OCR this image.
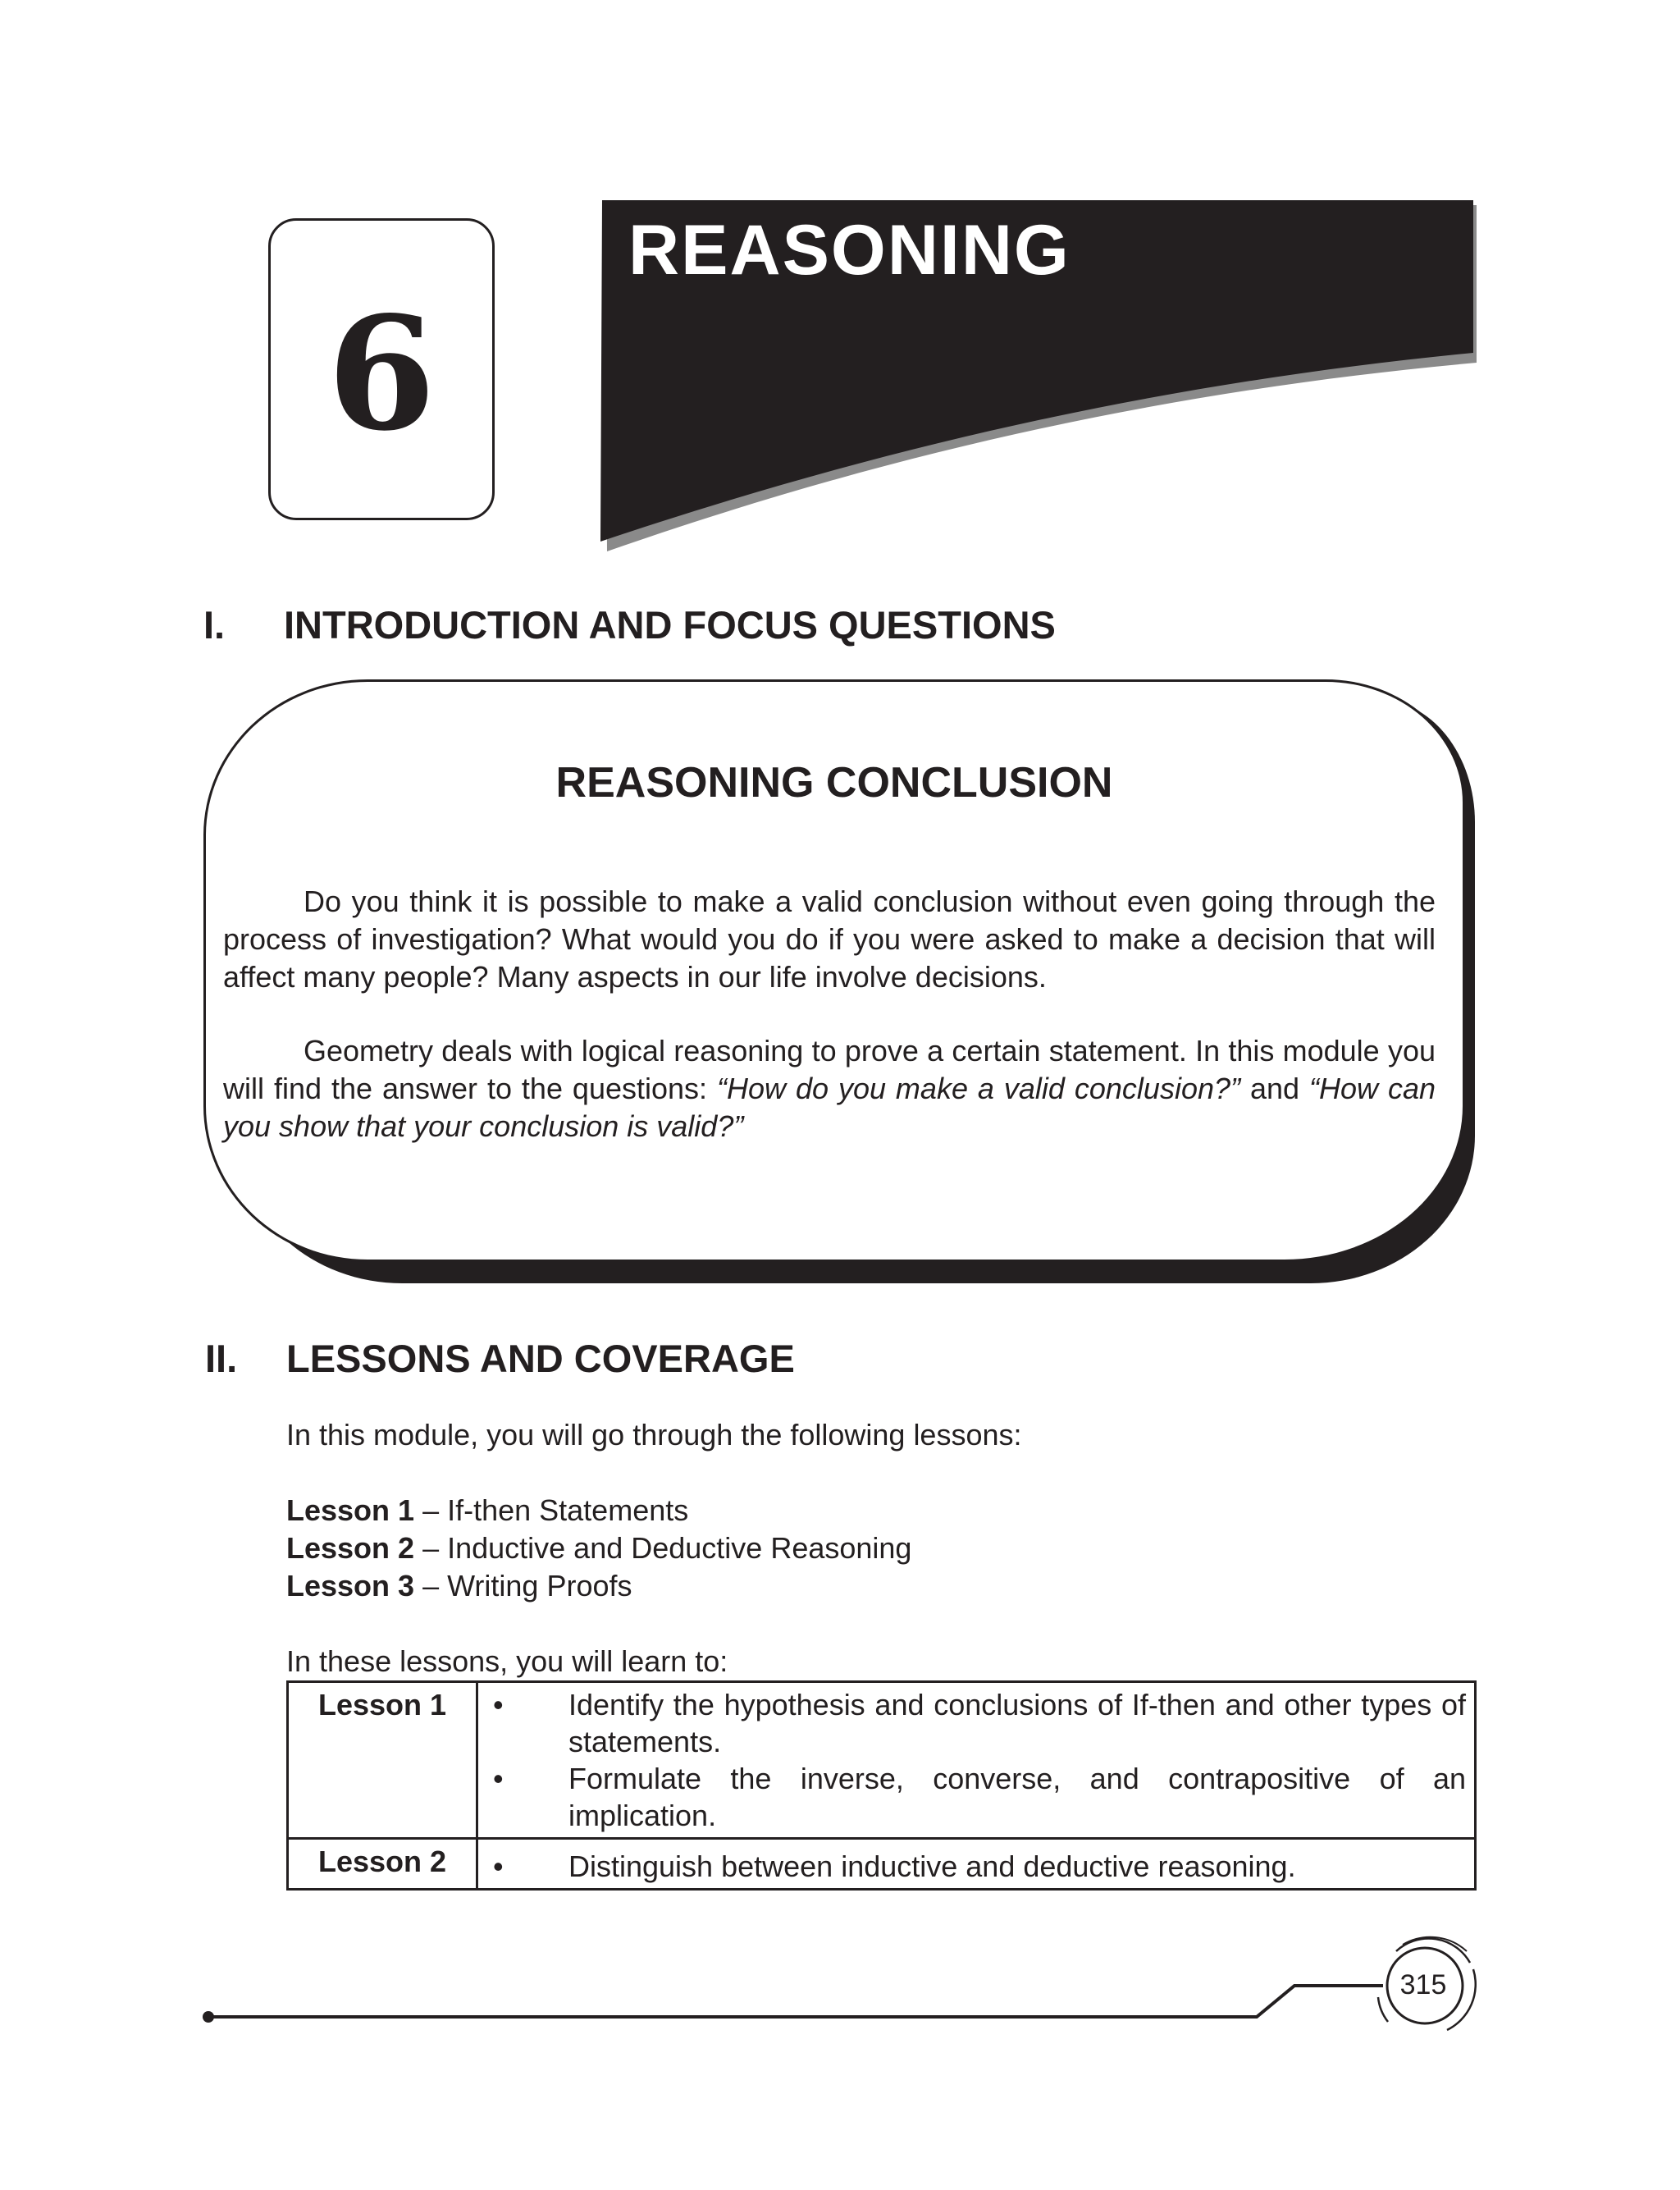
6
REASONING
I. INTRODUCTION AND FOCUS QUESTIONS
REASONING CONCLUSION
Do you think it is possible to make a valid conclusion without even going through the process of investigation? What would you do if you were asked to make a decision that will affect many people? Many aspects in our life involve decisions.
Geometry deals with logical reasoning to prove a certain statement. In this module you will find the answer to the questions: “How do you make a valid conclusion?” and “How can you show that your conclusion is valid?”
II. LESSONS AND COVERAGE
In this module, you will go through the following lessons:
Lesson 1 – If-then Statements
Lesson 2 – Inductive and Deductive Reasoning
Lesson 3 – Writing Proofs
In these lessons, you will learn to:
Lesson 1	• Identify the hypothesis and conclusions of If-then and other types of statements.
• Formulate the inverse, converse, and contrapositive of an implication.

Lesson 2	• Distinguish between inductive and deductive reasoning.
315
